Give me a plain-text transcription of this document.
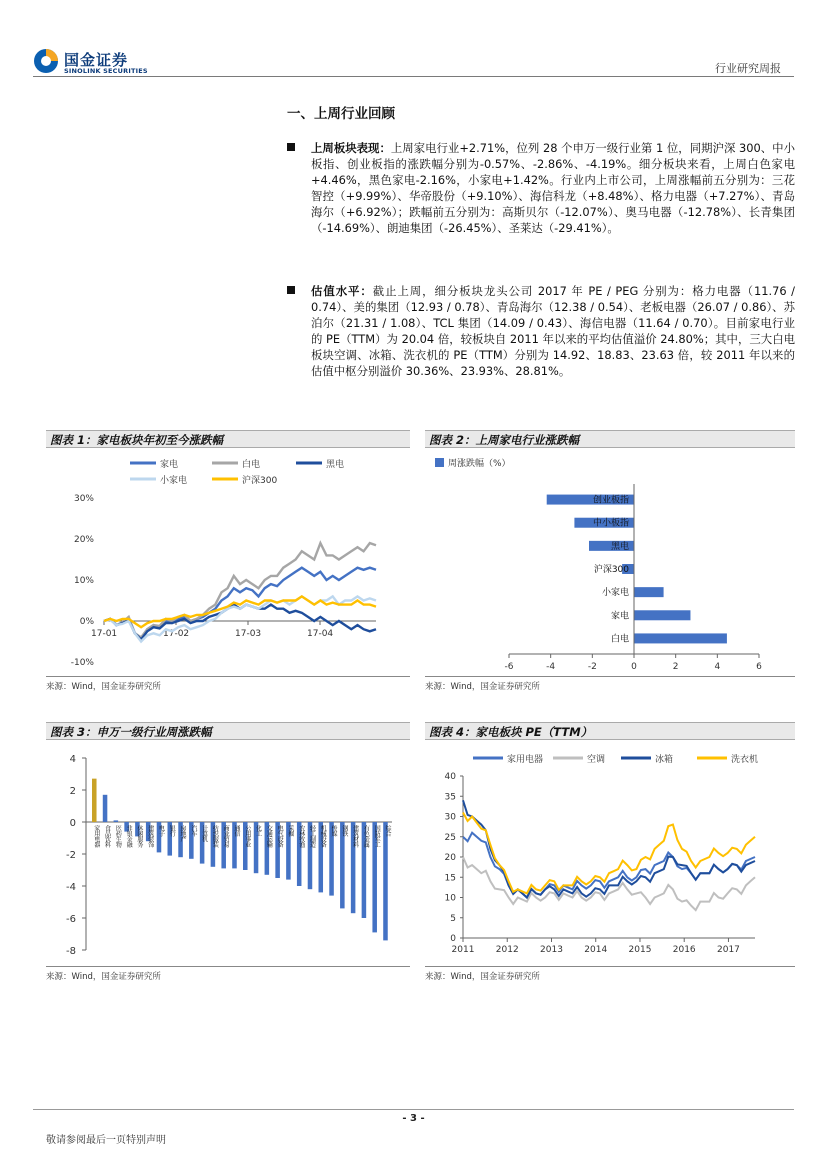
国金证券
SINOLINK SECURITIES	行业研究周报
一、上周行业回顾
上周板块表现：上周家电行业+2.71%，位列 28 个申万一级行业第 1 位，同期沪深 300、中小板指、创业板指的涨跌幅分别为-0.57%、-2.86%、-4.19%。细分板块来看，上周白色家电+4.46%，黑色家电-2.16%，小家电+1.42%。行业内上市公司，上周涨幅前五分别为：三花智控（+9.99%）、华帝股份（+9.10%）、海信科龙（+8.48%）、格力电器（+7.27%）、青岛海尔（+6.92%）；跌幅前五分别为：高斯贝尔（-12.07%）、奥马电器（-12.78%）、长青集团（-14.69%）、朗迪集团（-26.45%）、圣莱达（-29.41%）。
估值水平：截止上周，细分板块龙头公司 2017 年 PE / PEG 分别为：格力电器（11.76 / 0.74）、美的集团（12.93 / 0.78）、青岛海尔（12.38 / 0.54）、老板电器（26.07 / 0.86）、苏泊尔（21.31 / 1.08）、TCL 集团（14.09 / 0.43）、海信电器（11.64 / 0.70）。目前家电行业的 PE（TTM）为 20.04 倍，较板块自 2011 年以来的平均估值溢价 24.80%；其中，三大白电板块空调、冰箱、洗衣机的 PE（TTM）分别为 14.92、18.83、23.63 倍，较 2011 年以来的估值中枢分别溢价 30.36%、23.93%、28.81%。
图表 1：家电板块年初至今涨跌幅
家电	白电	黑电
小家电	沪深300
30%
20%
10%
0%
-10%
17-01	17-02	17-03	17-04
来源：Wind，国金证券研究所
图表 2：上周家电行业涨跌幅
周涨跌幅（%）
创业板指
中小板指
黑电
沪深300
小家电
家电
白电
-6	-4	-2	0	2	4	6
来源：Wind，国金证券研究所
图表 3：申万一级行业周涨跌幅
4
2
0
-2
-4
-6
-8
家用电器 食品饮料 医药生物 非银金融 休闲服务 建筑装饰 电子 银行 房地产 汽车 计算机 纺织服装 商业贸易 通信 公用事业 化工 交通运输 电气设备 采掘 农林牧渔 轻工制造 机械设备 传媒 钢铁 建筑材料 有色金属 国防军工 综合
来源：Wind，国金证券研究所
图表 4：家电板块 PE（TTM）
家用电器	空调	冰箱	洗衣机
40
35
30
25
20
15
10
5
0
2011 2012 2013 2014 2015 2016 2017
来源：Wind，国金证券研究所
- 3 -
敬请参阅最后一页特别声明
